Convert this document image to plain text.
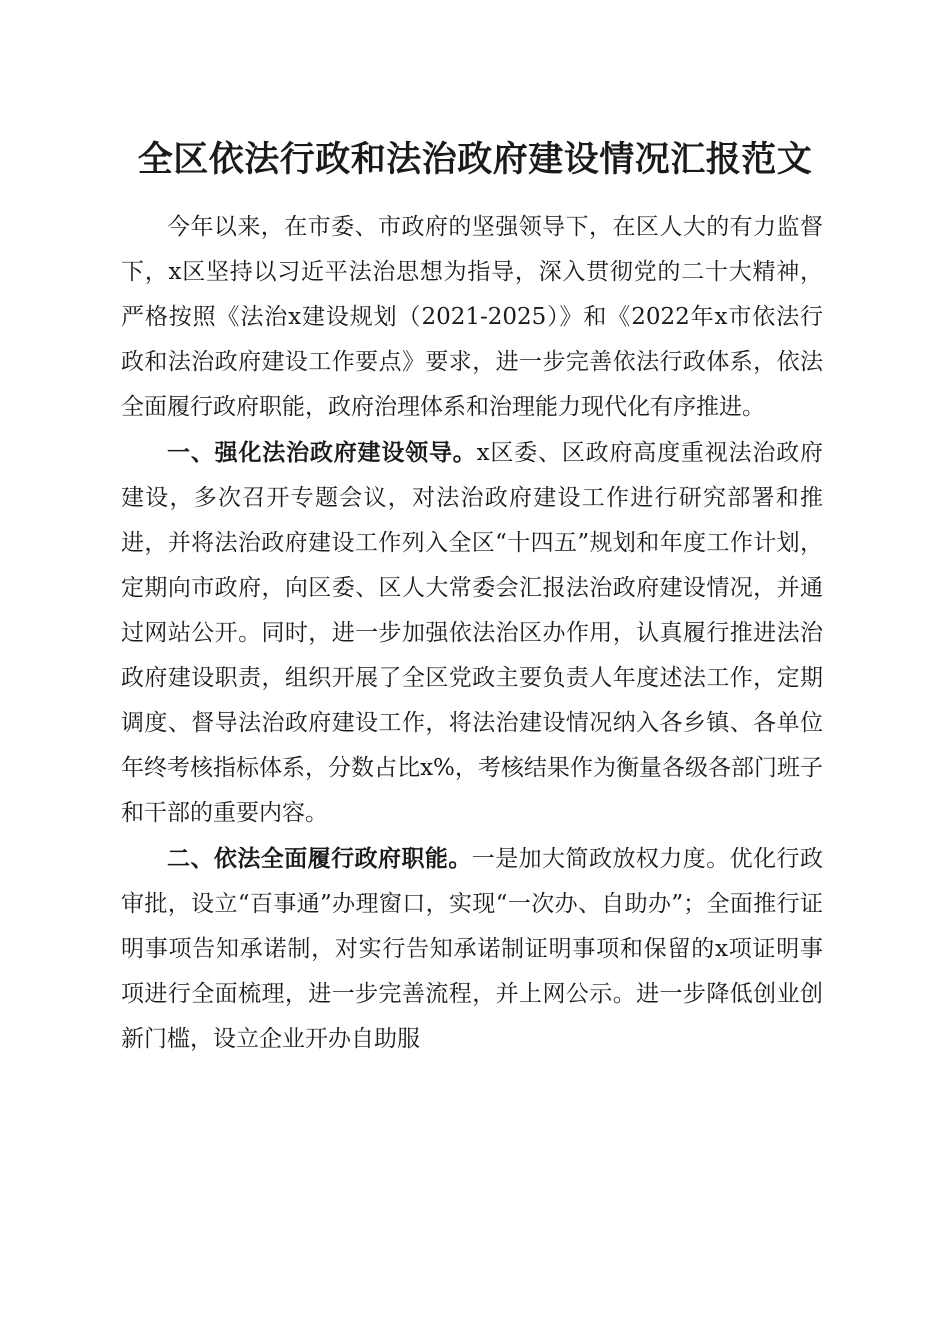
全区依法行政和法治政府建设情况汇报范文

今年以来，在市委、市政府的坚强领导下，在区人大的有力监督下，x区坚持以习近平法治思想为指导，深入贯彻党的二十大精神，严格按照《法治x建设规划（2021-2025）》和《2022年x市依法行政和法治政府建设工作要点》要求，进一步完善依法行政体系，依法全面履行政府职能，政府治理体系和治理能力现代化有序推进。

一、强化法治政府建设领导。x区委、区政府高度重视法治政府建设，多次召开专题会议，对法治政府建设工作进行研究部署和推进，并将法治政府建设工作列入全区“十四五”规划和年度工作计划，定期向市政府，向区委、区人大常委会汇报法治政府建设情况，并通过网站公开。同时，进一步加强依法治区办作用，认真履行推进法治政府建设职责，组织开展了全区党政主要负责人年度述法工作，定期调度、督导法治政府建设工作，将法治建设情况纳入各乡镇、各单位年终考核指标体系，分数占比x%，考核结果作为衡量各级各部门班子和干部的重要内容。

二、依法全面履行政府职能。一是加大简政放权力度。优化行政审批，设立“百事通”办理窗口，实现“一次办、自助办”；全面推行证明事项告知承诺制，对实行告知承诺制证明事项和保留的x项证明事项进行全面梳理，进一步完善流程，并上网公示。进一步降低创业创新门槛，设立企业开办自助服
